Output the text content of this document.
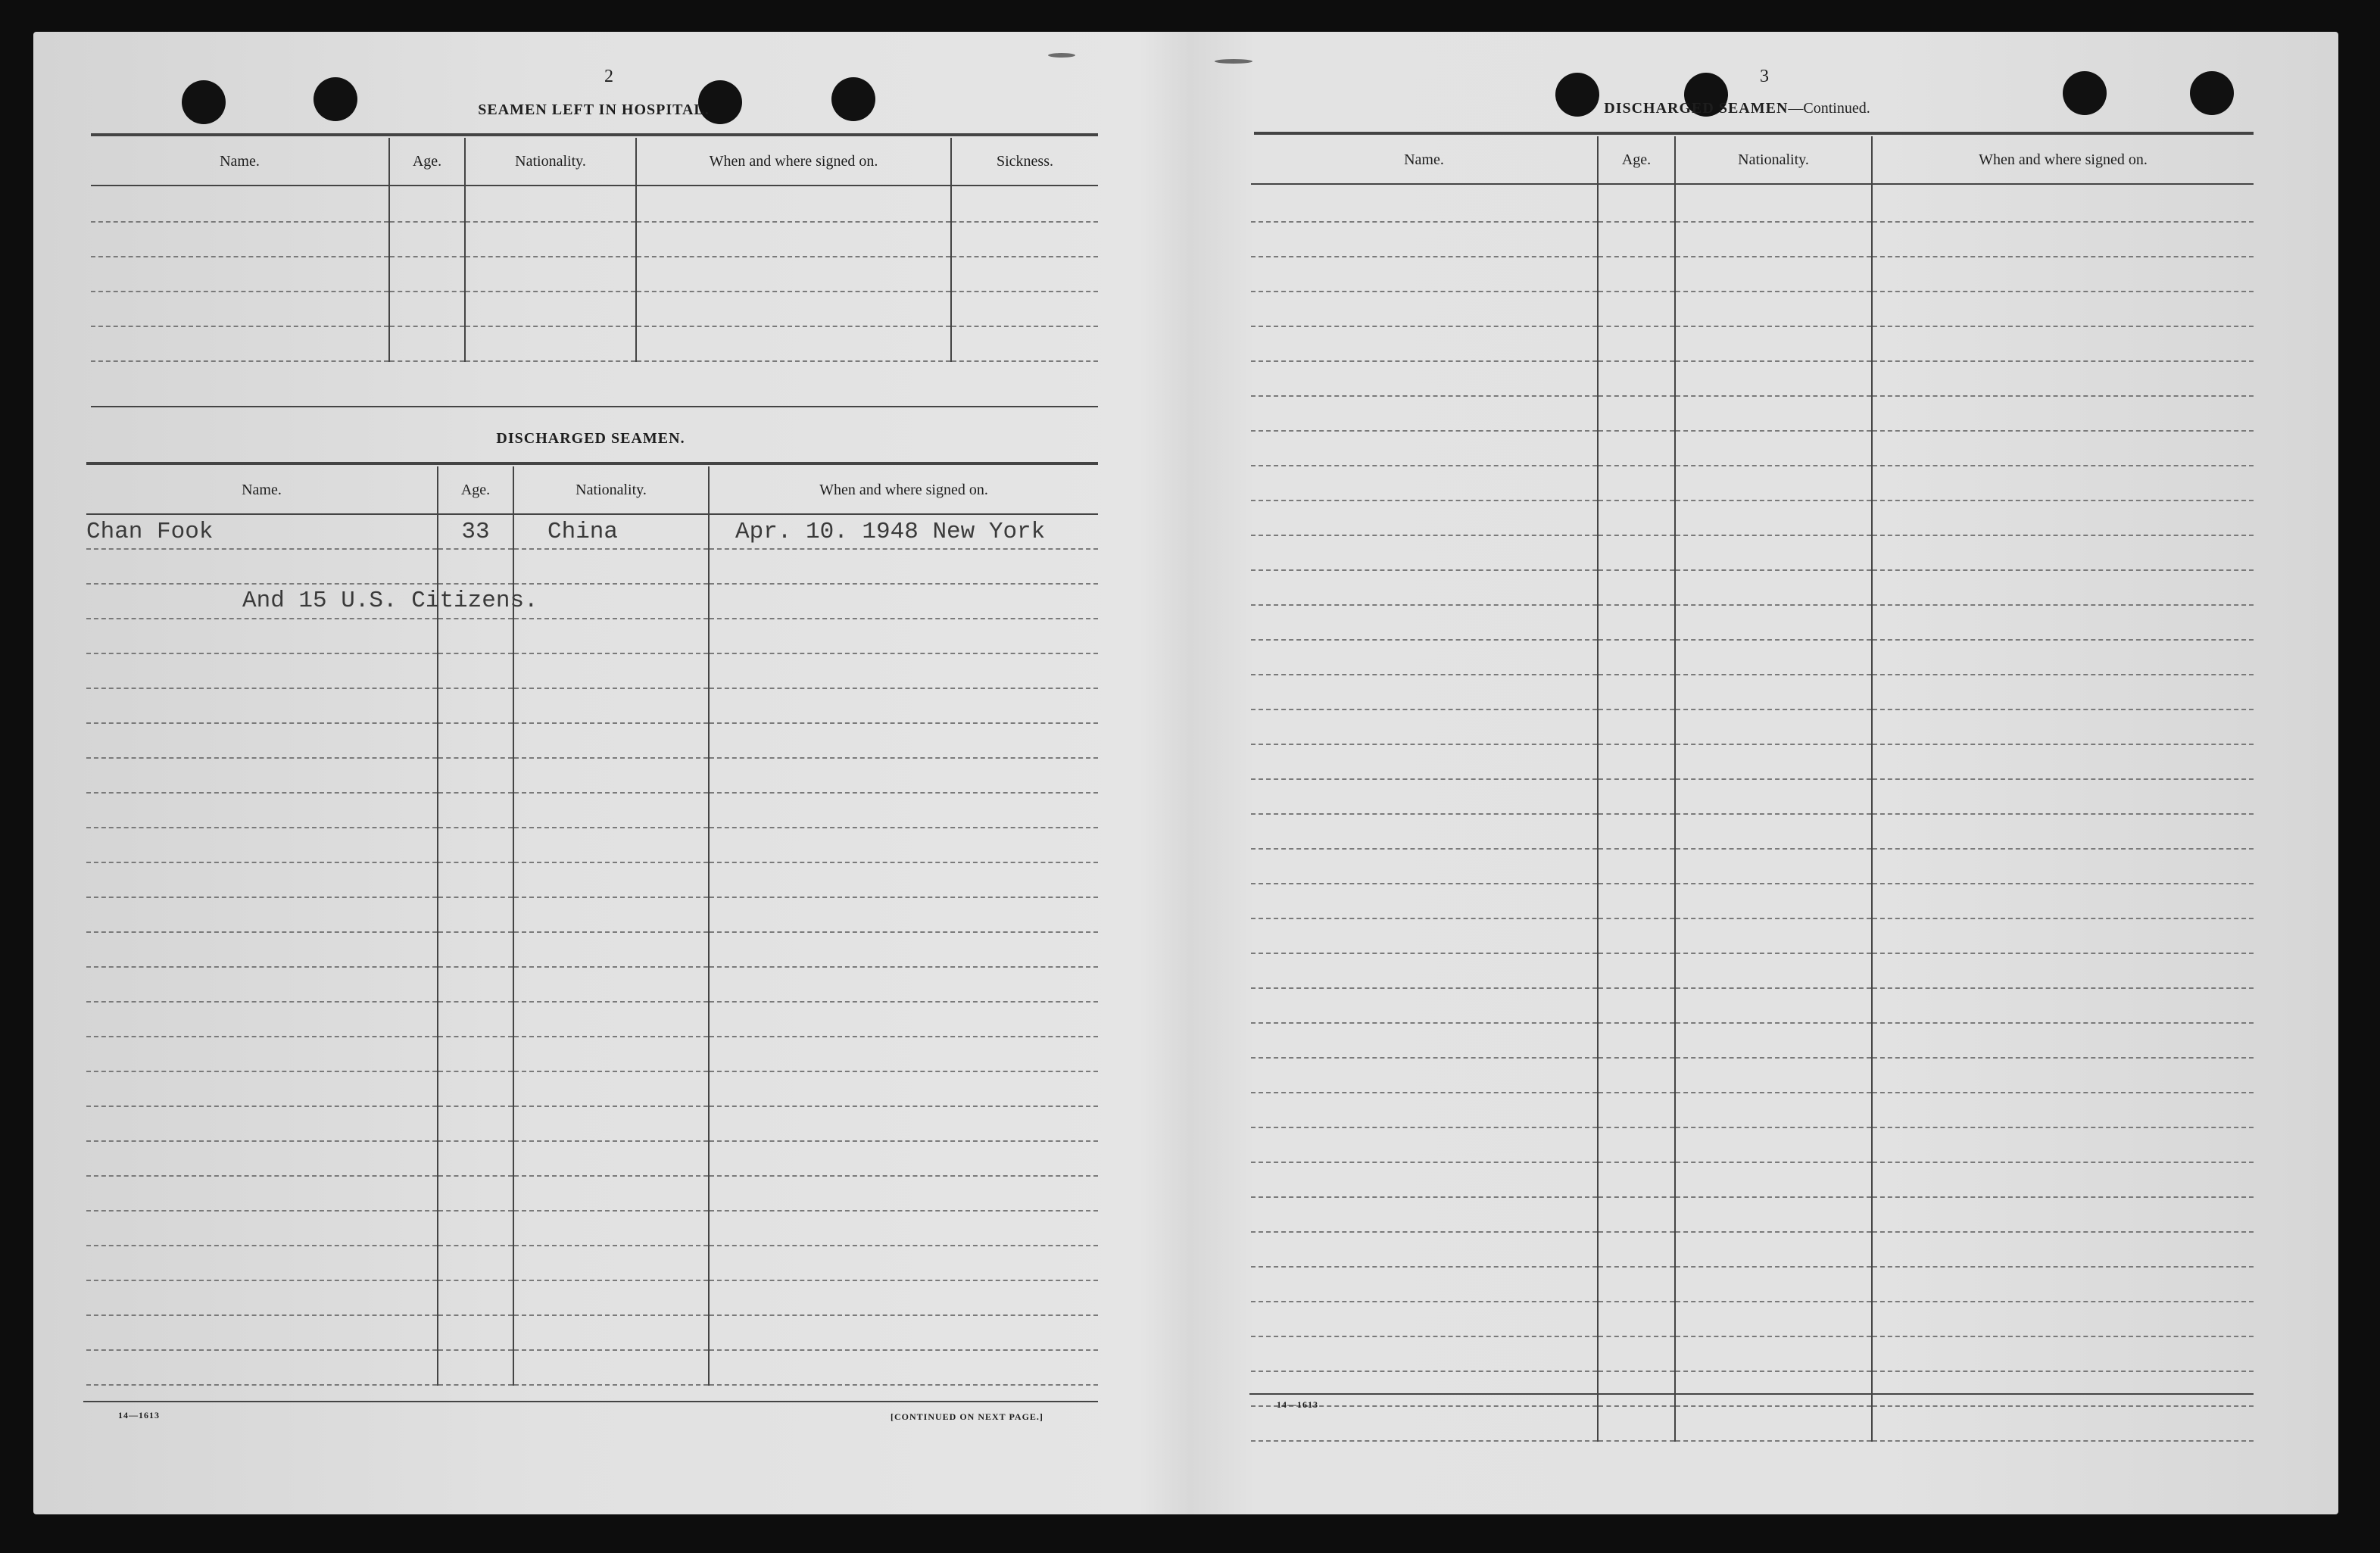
2
SEAMEN LEFT IN HOSPITAL.
Name.	Age.	Nationality.	When and where signed on.	Sickness.

DISCHARGED SEAMEN.
Name.	Age.	Nationality.	When and where signed on.
Chan Fook	33	China	Apr. 10. 1948 New York

And 15 U.S. Citizens.
14—1613	[CONTINUED ON NEXT PAGE.]
3
DISCHARGED SEAMEN—Continued.
Name.	Age.	Nationality.	When and where signed on.

14—1613
